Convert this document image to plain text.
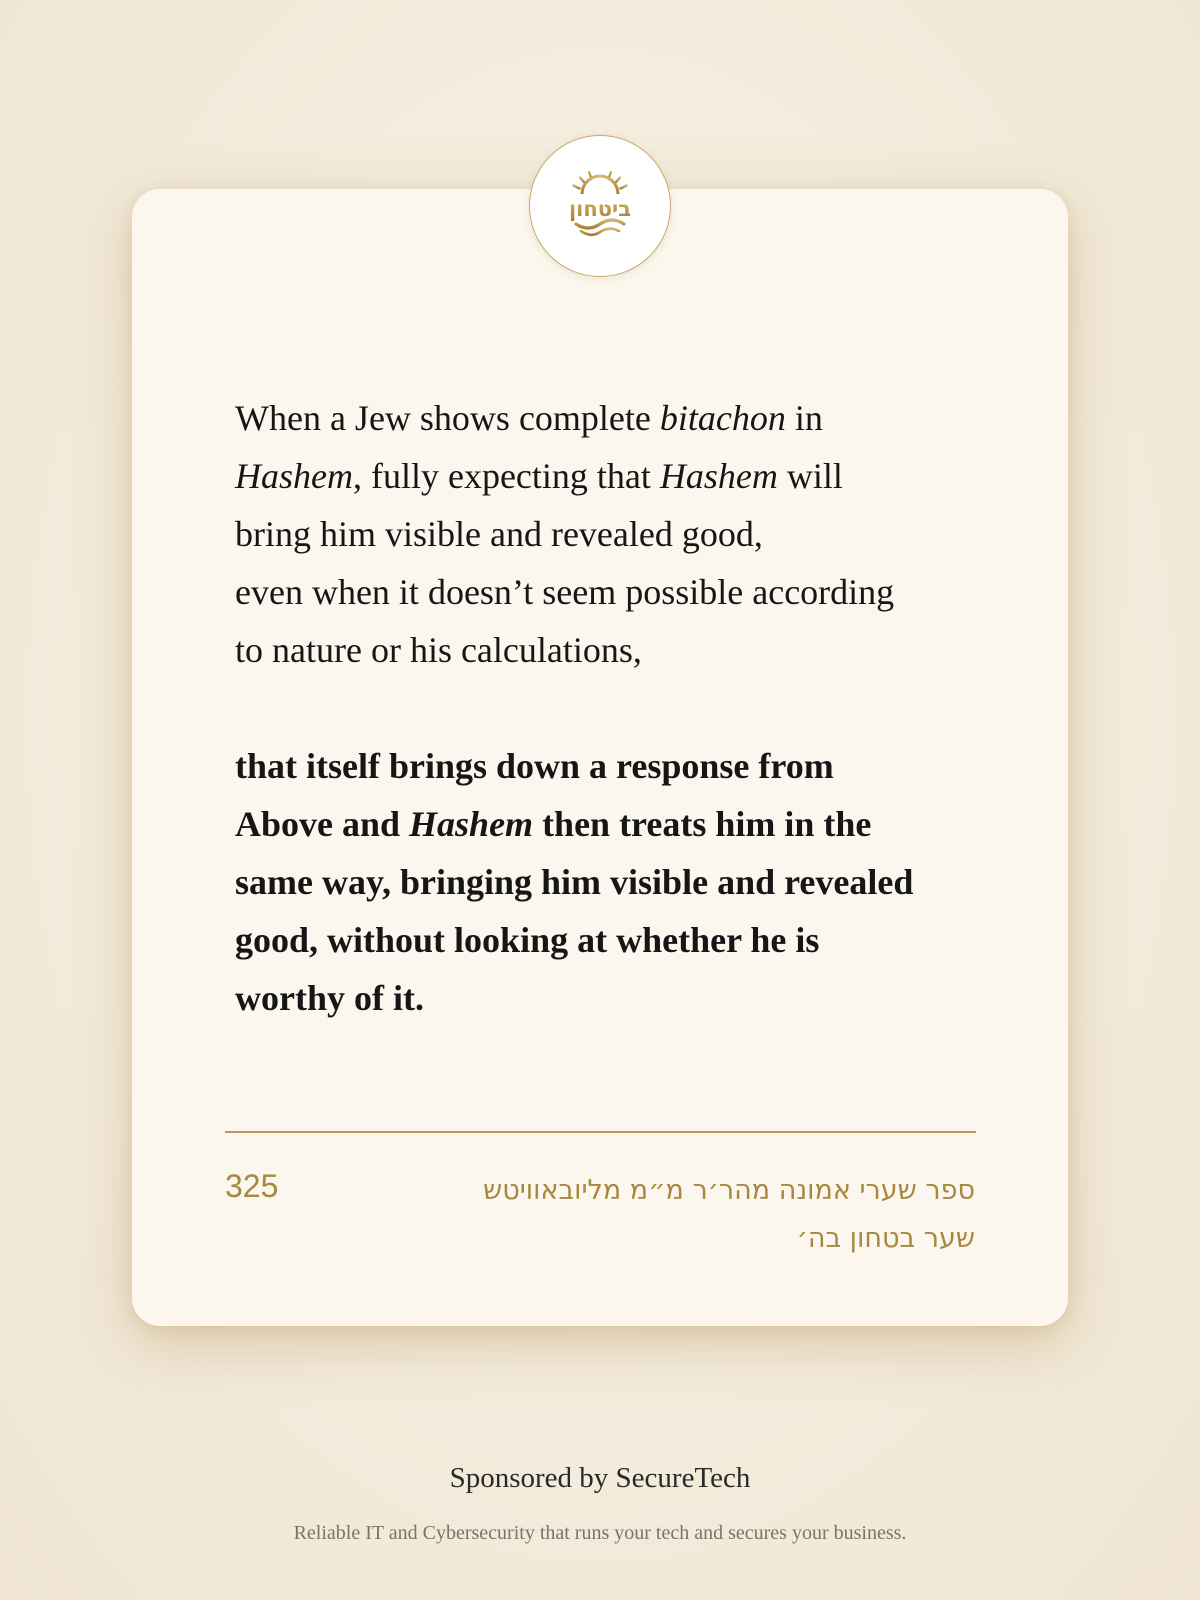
When a Jew shows complete bitachon in
Hashem, fully expecting that Hashem will
bring him visible and revealed good,
even when it doesn’t seem possible according
to nature or his calculations,

that itself brings down a response from
Above and Hashem then treats him in the
same way, bringing him visible and revealed
good, without looking at whether he is
worthy of it.

325	ספר שערי אמונה מהר׳ר מ״מ מליובאוויטש
שער בטחון בה׳
ביטחון
Sponsored by SecureTech
Reliable IT and Cybersecurity that runs your tech and secures your business.
